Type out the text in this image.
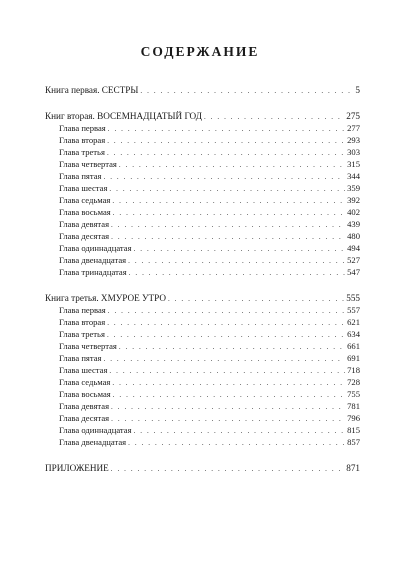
СОДЕРЖАНИЕ
Книга первая. СЕСТРЫ . . .	5
Книг вторая. ВОСЕМНАДЦАТЫЙ ГОД . . .	275
Глава первая . . .	277
Глава вторая . . .	293
Глава третья . . .	303
Глава четвертая . . .	315
Глава пятая . . .	344
Глава шестая . . .	359
Глава седьмая . . .	392
Глава восьмая . . .	402
Глава девятая . . .	439
Глава десятая . . .	480
Глава одиннадцатая . . .	494
Глава двенадцатая . . .	527
Глава тринадцатая . . .	547
Книга третья. ХМУРОЕ УТРО . . .	555
Глава первая . . .	557
Глава вторая . . .	621
Глава третья . . .	634
Глава четвертая . . .	661
Глава пятая . . .	691
Глава шестая . . .	718
Глава седьмая . . .	728
Глава восьмая . . .	755
Глава девятая . . .	781
Глава десятая . . .	796
Глава одиннадцатая . . .	815
Глава двенадцатая . . .	857
ПРИЛОЖЕНИЕ . . .	871
